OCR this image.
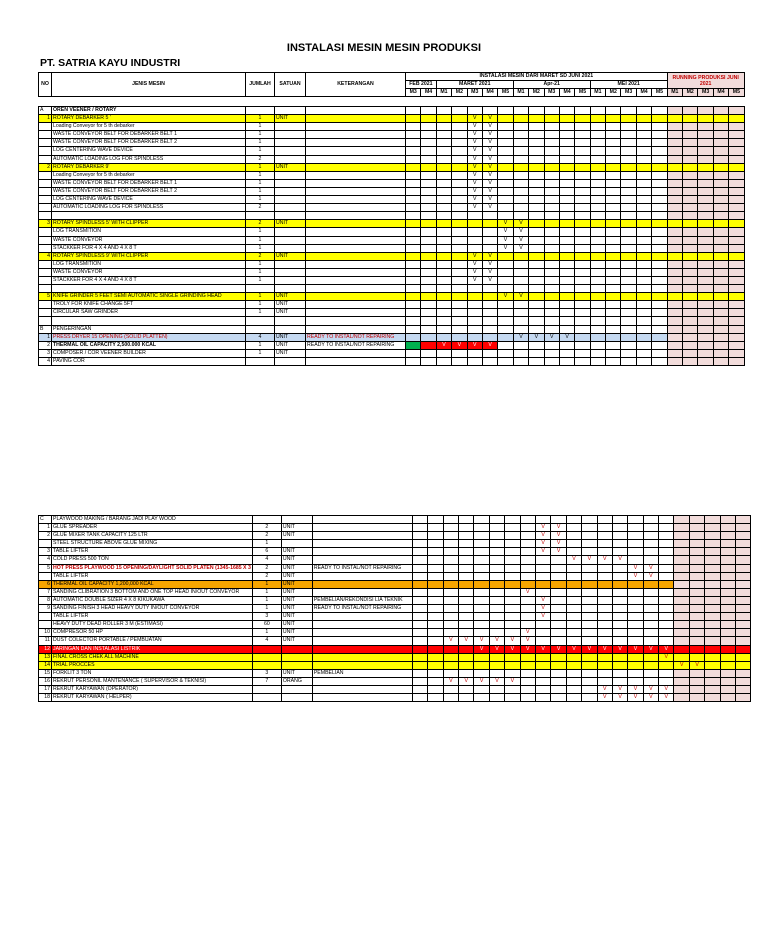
INSTALASI MESIN MESIN PRODUKSI
PT. SATRIA KAYU INDUSTRI
NO	JENIS MESIN	JUMLAH	SATUAN	KETERANGAN	INSTALASI MESIN DARI MARET SD JUNI 2021																	RUNNING PRODUKSI JUNI 2021				
					FEB 2021		MARET 2021					Apr-21					MEI 2021									
					M3	M4	M1	M2	M3	M4	M5	M1	M2	M3	M4	M5	M1	M2	M3	M4	M5	M1	M2	M3	M4	M5
A	OREN VEENER / ROTARY																									
1	ROTARY DEBARKER 5 '	1	UNIT						V	V																
	Loading Conveyor for 5 th debarker	1							V	V																
	WASTE CONVEYOR BELT FOR DEBARKER BELT 1	1							V	V																
	WASTE CONVEYOR BELT FOR DEBARKER BELT 2	1							V	V																
	LOG CENTERING WAVE DEVICE	1							V	V																
	AUTOMATIC LOADING LOG FOR SPINDLESS	2							V	V																
2	ROTARY DEBARKER 9'	1	UNIT						V	V																
	Loading Conveyor for 5 th debarker	1							V	V																
	WASTE CONVEYOR BELT FOR DEBARKER BELT 1	1							V	V																
	WASTE CONVEYOR BELT FOR DEBARKER BELT 2	1							V	V																
	LOG CENTERING WAVE DEVICE	1							V	V																
	AUTOMATIC LOADING LOG FOR SPINDLESS	2							V	V																

3	ROTARY SPINDLESS 5' WITH CLIPPER	2	UNIT								V	V														
	LOG TRANSMITION	1									V	V														
	WASTE CONVEYOR	1									V	V														
	STACKKER FOR 4 X 4 AND 4 X 8 T	1									V	V														
4	ROTARY SPINDLESS 9' WITH CLIPPER	2	UNIT						V	V																
	LOG TRANSMITION	1							V	V																
	WASTE CONVEYOR	1							V	V																
	STACKKER FOR 4 X 4 AND 4 X 8 T	1							V	V																

5	KNIFE GRINDER 5 FEET SEMI AUTOMATIC SINGLE GRINDING HEAD	1	UNIT								V	V														
	TROLY FOR KNIFE CHANGE 5FT	1	UNIT																							
	CIRCULAR SAW GRINDER	1	UNIT																							

B	PENGERINGAN																									
1	PRESS DRYER 15 OPENING (SOLID PLATTEN)	4	UNIT	READY TO INSTAL/NOT REPAIRING								V	V	V	V											
2	THERMAL OIL CAPACITY 2,500.000 KCAL	1	UNIT	READY TO INSTAL/NOT REPAIRING			V	V	V	V																
3	COMPOSER / COR VEENER BUILDER	1	UNIT																							
4	PAVING COR																									
C	PLAYWOOD MAKING / BARANG JADI PLAY WOOD																									
1	GLUE SPREADER	2	UNIT										V	V												
2	GLUE MIXER TANK CAPACITY 125 LTR	2	UNIT										V	V												
	STEEL STRUCTURE ABOVE GLUE MIXING	1											V	V												
3	TABLE LIFTER	6	UNIT										V	V												
4	COLD PRESS 500 TON	4	UNIT												V	V	V	V								
5	HOT PRESS PLAYWOOD 15 OPENING/DAYLIGHT SOLID PLATEN (1345-1685 X 3	2	UNIT	READY TO INSTAL/NOT REPAIRING															V	V						
	TABLE LIFTER	2	UNIT																V	V						
6	THERMAL OIL CAPACITY 1,200,000 KCAL	1	UNIT																							
7	SANDING CLIBRATION 3 BOTTOM AND ONE TOP HEAD IN/OUT CONVEYOR	1	UNIT									V														
8	AUTOMATIC DOUBLE SIZER 4 X 8 KIKUKAWA	1	UNIT	PEMBELIAN/REKONDISI LIA TEKNIK									V													
9	SANDING FINISH 3 HEAD HEAVY DUTY IN/OUT CONVEYOR	1	UNIT	READY TO INSTAL/NOT REPAIRING									V													
	TABLE LIFTER	3	UNIT										V													
	HEAVY DUTY DEAD ROLLER 3 M (ESTIMASI)	60	UNIT																							
10	COMPRESOR 50 HP	1	UNIT									V														
11	DUST COLECTOR PORTABLE / PEMBUATAN	4	UNIT				V	V	V	V	V	V														
12	JARINGAN DAN INSTALASI LISTRIK								V	V	V	V	V	V	V	V	V	V	V	V	V					
13	FINAL CROSS CHEK ALL MACHINE																				V					
14	TRIAL PROCCES																					V	V			
15	FORKLIT 3 TON	3	UNIT	PEMBELIAN																						
16	REKRUT PERSONIL MANTENANCE ( SUPERVISOR & TEKNISI)	7	ORANG				V	V	V	V	V															
17	REKRUT KARYAWAN (OPERATOR)																V	V	V	V	V					
18	REKRUT KARYAWAN ( HELPER)																V	V	V	V	V					
